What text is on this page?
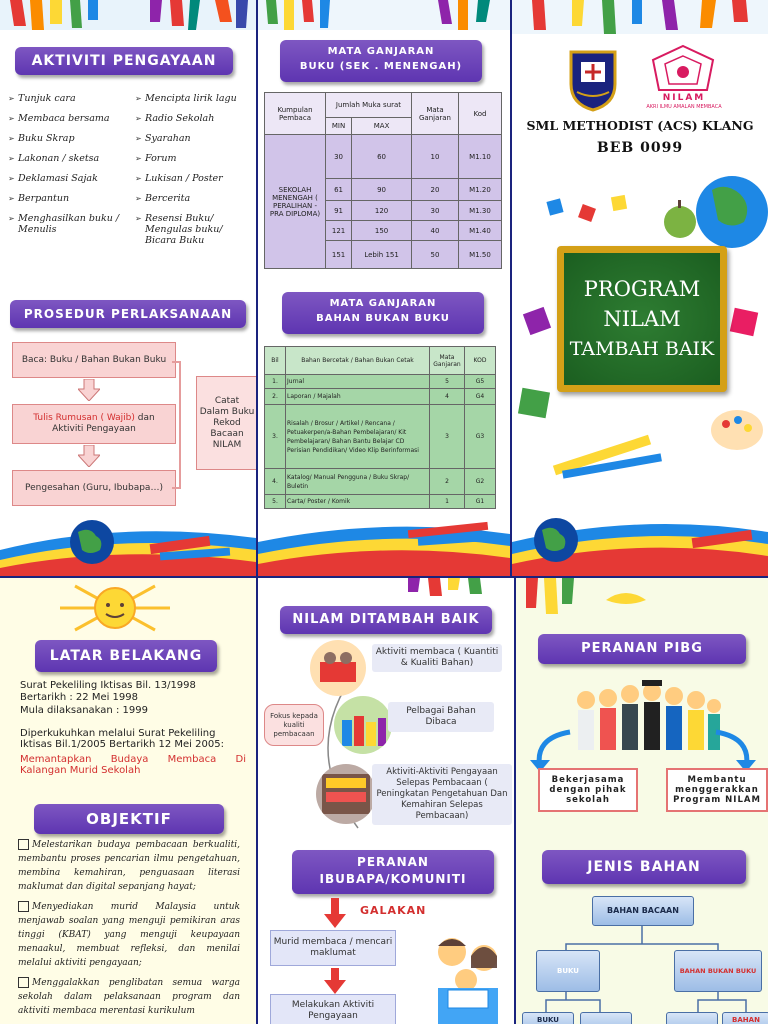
AKTIVITI PENGAYAAN
➢ Tunjuk cara
➢ Membaca bersama
➢ Buku Skrap
➢ Lakonan / sketsa
➢ Deklamasi Sajak
➢ Berpantun
➢ Menghasilkan buku / Menulis
➢ Mencipta lirik lagu
➢ Radio Sekolah
➢ Syarahan
➢ Forum
➢ Lukisan / Poster
➢ Bercerita
➢ Resensi Buku/ Mengulas buku/ Bicara Buku
PROSEDUR PERLAKSANAAN
Baca: Buku / Bahan Bukan Buku
Tulis Rumusan ( Wajib) dan Aktiviti Pengayaan
Pengesahan (Guru, Ibubapa…)
Catat Dalam Buku Rekod Bacaan NILAM
MATA GANJARAN
BUKU (SEK . MENENGAH)
Kumpulan Pembaca	Jumlah Muka surat		Mata Ganjaran	Kod
	MIN	MAX		
SEKOLAH MENENGAH ( PERALIHAN - PRA DIPLOMA)	30	60	10	M1.10
	61	90	20	M1.20
	91	120	30	M1.30
	121	150	40	M1.40
	151	Lebih 151	50	M1.50
MATA GANJARAN
BAHAN BUKAN BUKU
Bil	Bahan Bercetak / Bahan Bukan Cetak	Mata Ganjaran	KOD
1.	Jurnal	5	G5
2.	Laporan / Majalah	4	G4
3.	Risalah / Brosur / Artikel / Rencana / Petuakerpen/a-Bahan Pembelajaran/ Kit Pembelajaran/ Bahan Bantu Belajar CD Perisian Pendidikan/ Video Klip Berinformasi	3	G3
4.	Katalog/ Manual Pengguna / Buku Skrap/ Buletin	2	G2
5.	Carta/ Poster / Komik	1	G1
NILAM
AKRI ILMU AMALAN MEMBACA
SML METHODIST (ACS) KLANG
BEB 0099
PROGRAM
NILAM
TAMBAH BAIK
LATAR BELAKANG
Surat Pekeliling Iktisas Bil. 13/1998
Bertarikh : 22 Mei 1998
Mula dilaksanakan : 1999
Diperkukuhkan melalui Surat Pekeliling Iktisas Bil.1/2005 Bertarikh 12 Mei 2005:
Memantapkan Budaya Membaca Di Kalangan Murid Sekolah
OBJEKTIF

Melestarikan budaya pembacaan berkualiti, membantu proses pencarian ilmu pengetahuan, membina kemahiran, penguasaan literasi maklumat dan digital sepanjang hayat;

Menyediakan murid Malaysia untuk menjawab soalan yang menguji pemikiran aras tinggi (KBAT) yang menguji keupayaan menaakul, membuat refleksi, dan menilai melalui aktiviti pengayaan;

Menggalakkan penglibatan semua warga sekolah dalam pelaksanaan program dan aktiviti membaca merentasi kurikulum

NILAM DITAMBAH BAIK
Fokus kepada kualiti pembacaan
Aktiviti membaca ( Kuantiti & Kualiti Bahan)
Pelbagai Bahan Dibaca
Aktiviti-Aktiviti Pengayaan Selepas Pembacaan ( Peningkatan Pengetahuan Dan Kemahiran Selepas Pembacaan)
PERANAN
IBUBAPA/KOMUNITI
GALAKAN
Murid membaca / mencari maklumat
Melakukan Aktiviti Pengayaan
PERANAN PIBG
Bekerjasama dengan pihak sekolah
Membantu menggerakkan Program NILAM
JENIS BAHAN
BAHAN BACAAN
BUKU	BAHAN BUKAN BUKU
BUKU	BAHAN
